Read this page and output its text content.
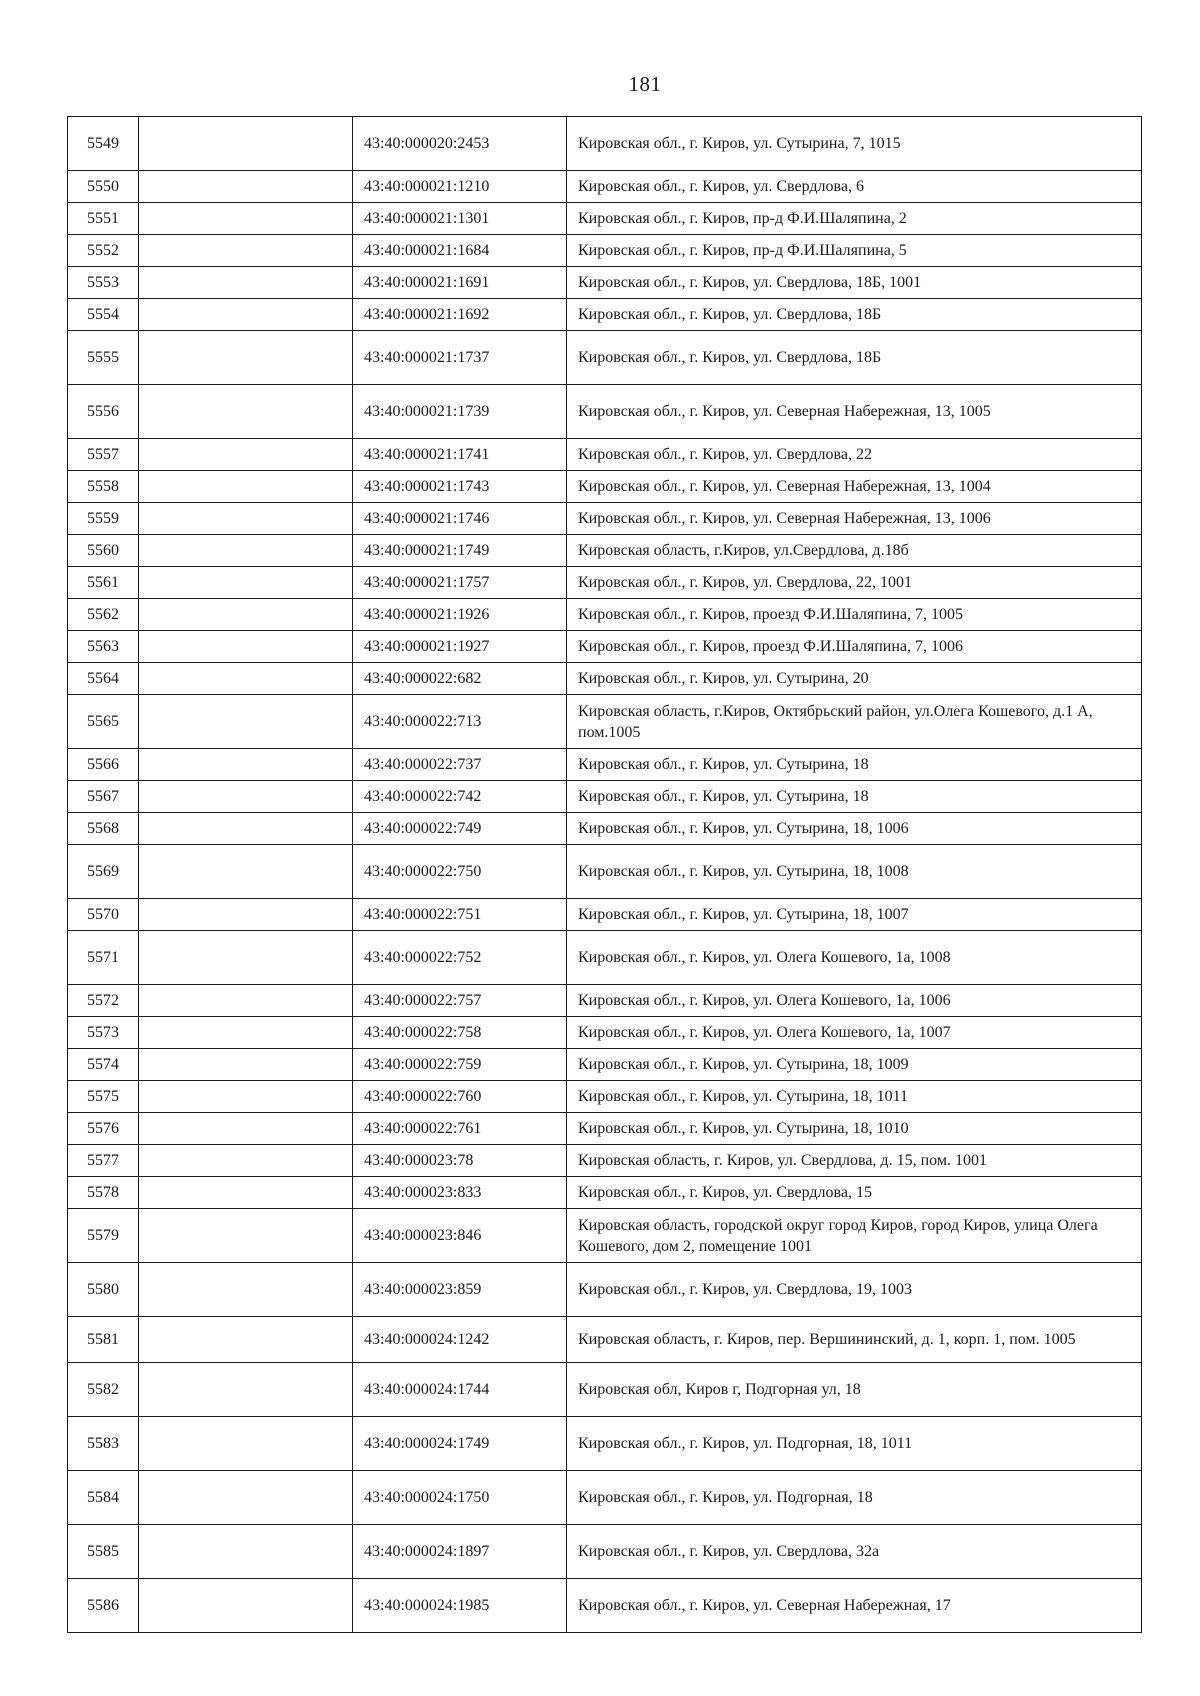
181
5549		43:40:000020:2453	Кировская обл., г. Киров, ул. Сутырина, 7, 1015
5550		43:40:000021:1210	Кировская обл., г. Киров, ул. Свердлова, 6
5551		43:40:000021:1301	Кировская обл., г. Киров, пр-д Ф.И.Шаляпина, 2
5552		43:40:000021:1684	Кировская обл., г. Киров, пр-д Ф.И.Шаляпина, 5
5553		43:40:000021:1691	Кировская обл., г. Киров, ул. Свердлова, 18Б, 1001
5554		43:40:000021:1692	Кировская обл., г. Киров, ул. Свердлова, 18Б
5555		43:40:000021:1737	Кировская обл., г. Киров, ул. Свердлова, 18Б
5556		43:40:000021:1739	Кировская обл., г. Киров, ул. Северная Набережная, 13, 1005
5557		43:40:000021:1741	Кировская обл., г. Киров, ул. Свердлова, 22
5558		43:40:000021:1743	Кировская обл., г. Киров, ул. Северная Набережная, 13, 1004
5559		43:40:000021:1746	Кировская обл., г. Киров, ул. Северная Набережная, 13, 1006
5560		43:40:000021:1749	Кировская область, г.Киров, ул.Свердлова, д.18б
5561		43:40:000021:1757	Кировская обл., г. Киров, ул. Свердлова, 22, 1001
5562		43:40:000021:1926	Кировская обл., г. Киров, проезд Ф.И.Шаляпина, 7, 1005
5563		43:40:000021:1927	Кировская обл., г. Киров, проезд Ф.И.Шаляпина, 7, 1006
5564		43:40:000022:682	Кировская обл., г. Киров, ул. Сутырина, 20
5565		43:40:000022:713	Кировская область, г.Киров, Октябрьский район, ул.Олега Кошевого, д.1 А, пом.1005
5566		43:40:000022:737	Кировская обл., г. Киров, ул. Сутырина, 18
5567		43:40:000022:742	Кировская обл., г. Киров, ул. Сутырина, 18
5568		43:40:000022:749	Кировская обл., г. Киров, ул. Сутырина, 18, 1006
5569		43:40:000022:750	Кировская обл., г. Киров, ул. Сутырина, 18, 1008
5570		43:40:000022:751	Кировская обл., г. Киров, ул. Сутырина, 18, 1007
5571		43:40:000022:752	Кировская обл., г. Киров, ул. Олега Кошевого, 1а, 1008
5572		43:40:000022:757	Кировская обл., г. Киров, ул. Олега Кошевого, 1а, 1006
5573		43:40:000022:758	Кировская обл., г. Киров, ул. Олега Кошевого, 1а, 1007
5574		43:40:000022:759	Кировская обл., г. Киров, ул. Сутырина, 18, 1009
5575		43:40:000022:760	Кировская обл., г. Киров, ул. Сутырина, 18, 1011
5576		43:40:000022:761	Кировская обл., г. Киров, ул. Сутырина, 18, 1010
5577		43:40:000023:78	Кировская область, г. Киров, ул. Свердлова, д. 15, пом. 1001
5578		43:40:000023:833	Кировская обл., г. Киров, ул. Свердлова, 15
5579		43:40:000023:846	Кировская область, городской округ город Киров, город Киров, улица Олега Кошевого, дом 2, помещение 1001
5580		43:40:000023:859	Кировская обл., г. Киров, ул. Свердлова, 19, 1003
5581		43:40:000024:1242	Кировская область, г. Киров, пер. Вершининский, д. 1, корп. 1, пом. 1005
5582		43:40:000024:1744	Кировская обл, Киров г, Подгорная ул, 18
5583		43:40:000024:1749	Кировская обл., г. Киров, ул. Подгорная, 18, 1011
5584		43:40:000024:1750	Кировская обл., г. Киров, ул. Подгорная, 18
5585		43:40:000024:1897	Кировская обл., г. Киров, ул. Свердлова, 32а
5586		43:40:000024:1985	Кировская обл., г. Киров, ул. Северная Набережная, 17
